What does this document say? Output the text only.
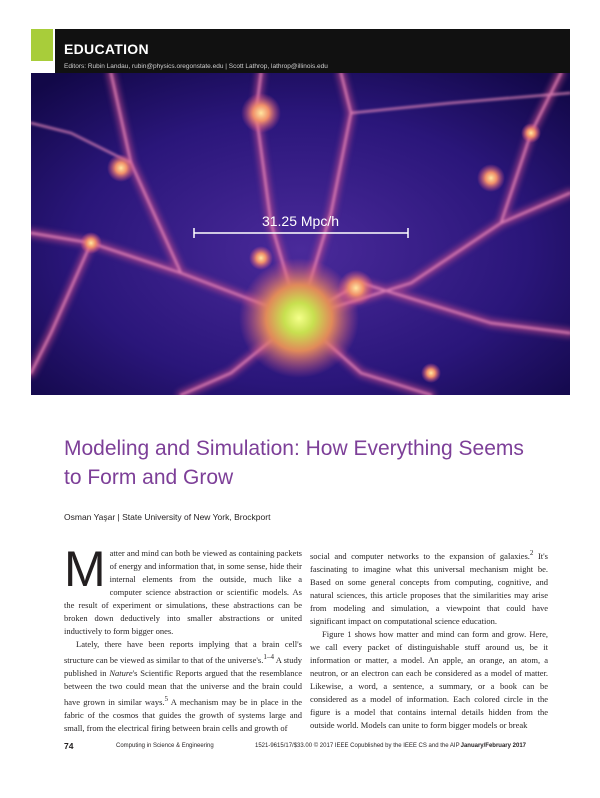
EDUCATION
Editors: Rubin Landau, rubin@physics.oregonstate.edu | Scott Lathrop, lathrop@illinois.edu
31.25 Mpc/h
Modeling and Simulation: How Everything Seems to Form and Grow
Osman Yaşar | State University of New York, Brockport

Matter and mind can both be viewed as containing packets of energy and information that, in some sense, hide their internal elements from the outside, much like a computer science abstraction or scientific models. As the result of experiment or simulations, these abstractions can be broken down deductively into smaller abstractions or united inductively to form bigger ones.

Lately, there have been reports implying that a brain cell's structure can be viewed as similar to that of the universe's.$^{1-4}$ A study published in Nature's Scientific Reports argued that the resemblance between the two could mean that the universe and the brain could have grown in similar ways.$^5$ A mechanism may be in place in the fabric of the cosmos that guides the growth of systems large and small, from the electrical firing between brain cells and growth of

social and computer networks to the expansion of galaxies.$^2$ It's fascinating to imagine what this universal mechanism might be. Based on some general concepts from computing, cognitive, and natural sciences, this article proposes that the similarities may arise from modeling and simulation, a viewpoint that could have significant impact on computational science education.

Figure 1 shows how matter and mind can form and grow. Here, we call every packet of distinguishable stuff around us, be it information or matter, a model. An apple, an orange, an atom, a neutron, or an electron can each be considered as a model of matter. Likewise, a word, a sentence, a summary, or a book can be considered as a model of information. Each colored circle in the figure is a model that contains internal details hidden from the outside world. Models can unite to form bigger models or break

74	Computing in Science & Engineering	1521-9615/17/$33.00 © 2017 IEEE Copublished by the IEEE CS and the AIP January/February 2017
